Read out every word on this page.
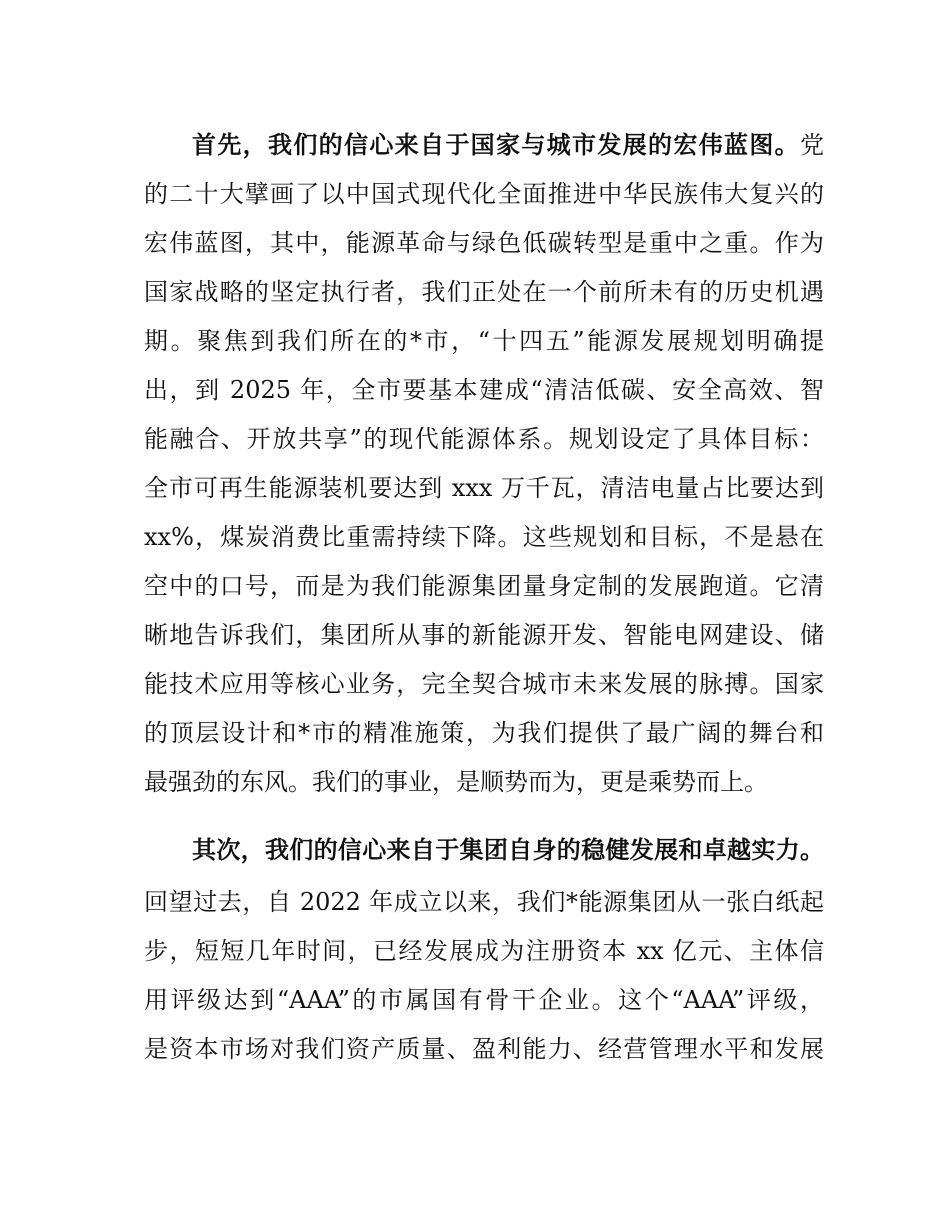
首先，我们的信心来自于国家与城市发展的宏伟蓝图。党
的二十大擘画了以中国式现代化全面推进中华民族伟大复兴的
宏伟蓝图，其中，能源革命与绿色低碳转型是重中之重。作为
国家战略的坚定执行者，我们正处在一个前所未有的历史机遇
期。聚焦到我们所在的*市，“十四五”能源发展规划明确提
出，到 2025 年，全市要基本建成“清洁低碳、安全高效、智
能融合、开放共享”的现代能源体系。规划设定了具体目标：
全市可再生能源装机要达到 xxx 万千瓦，清洁电量占比要达到
xx%，煤炭消费比重需持续下降。这些规划和目标，不是悬在
空中的口号，而是为我们能源集团量身定制的发展跑道。它清
晰地告诉我们，集团所从事的新能源开发、智能电网建设、储
能技术应用等核心业务，完全契合城市未来发展的脉搏。国家
的顶层设计和*市的精准施策，为我们提供了最广阔的舞台和
最强劲的东风。我们的事业，是顺势而为，更是乘势而上。
其次，我们的信心来自于集团自身的稳健发展和卓越实力。
回望过去，自 2022 年成立以来，我们*能源集团从一张白纸起
步，短短几年时间，已经发展成为注册资本 xx 亿元、主体信
用评级达到“AAA”的市属国有骨干企业。这个“AAA”评级，
是资本市场对我们资产质量、盈利能力、经营管理水平和发展
